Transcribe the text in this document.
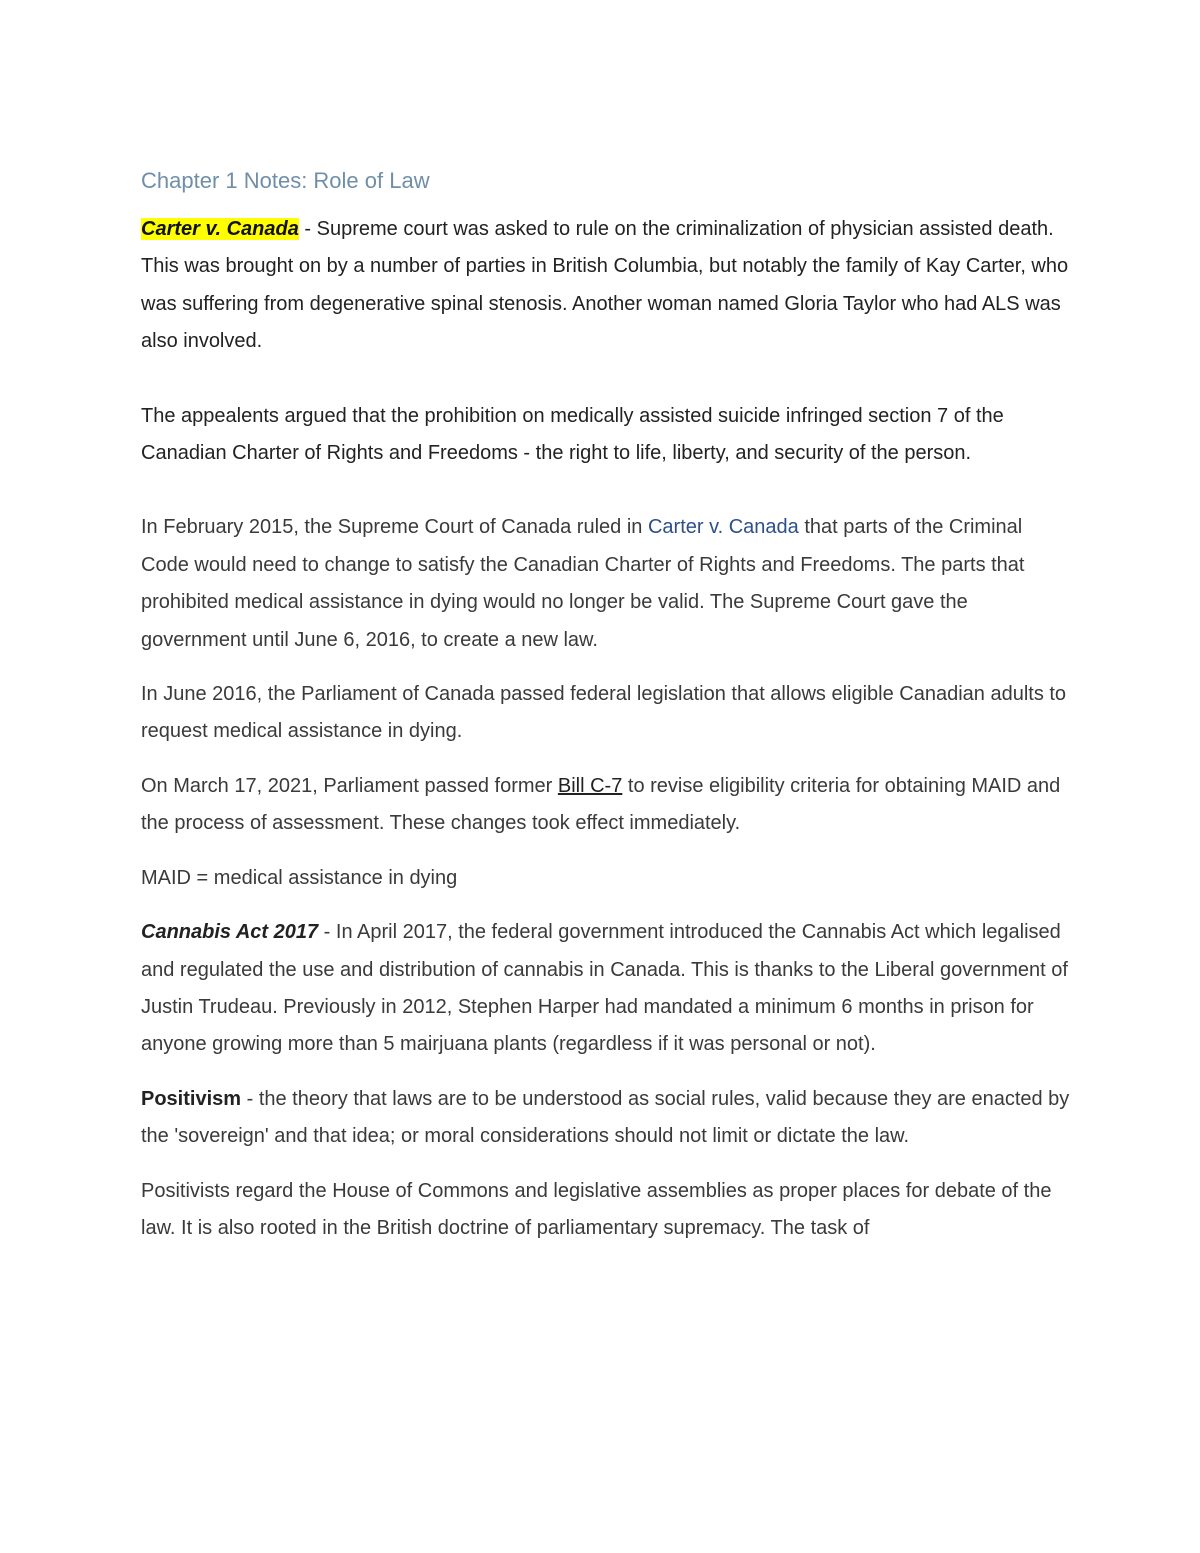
Chapter 1 Notes: Role of Law

Carter v. Canada - Supreme court was asked to rule on the criminalization of physician assisted death. This was brought on by a number of parties in British Columbia, but notably the family of Kay Carter, who was suffering from degenerative spinal stenosis. Another woman named Gloria Taylor who had ALS was also involved.

The appealents argued that the prohibition on medically assisted suicide infringed section 7 of the Canadian Charter of Rights and Freedoms - the right to life, liberty, and security of the person.

In February 2015, the Supreme Court of Canada ruled in Carter v. Canada that parts of the Criminal Code would need to change to satisfy the Canadian Charter of Rights and Freedoms. The parts that prohibited medical assistance in dying would no longer be valid. The Supreme Court gave the government until June 6, 2016, to create a new law.

In June 2016, the Parliament of Canada passed federal legislation that allows eligible Canadian adults to request medical assistance in dying.

On March 17, 2021, Parliament passed former Bill C-7 to revise eligibility criteria for obtaining MAID and the process of assessment. These changes took effect immediately.

MAID = medical assistance in dying

Cannabis Act 2017 - In April 2017, the federal government introduced the Cannabis Act which legalised and regulated the use and distribution of cannabis in Canada. This is thanks to the Liberal government of Justin Trudeau. Previously in 2012, Stephen Harper had mandated a minimum 6 months in prison for anyone growing more than 5 mairjuana plants (regardless if it was personal or not).

Positivism - the theory that laws are to be understood as social rules, valid because they are enacted by the 'sovereign' and that idea; or moral considerations should not limit or dictate the law.

Positivists regard the House of Commons and legislative assemblies as proper places for debate of the law. It is also rooted in the British doctrine of parliamentary supremacy. The task of
